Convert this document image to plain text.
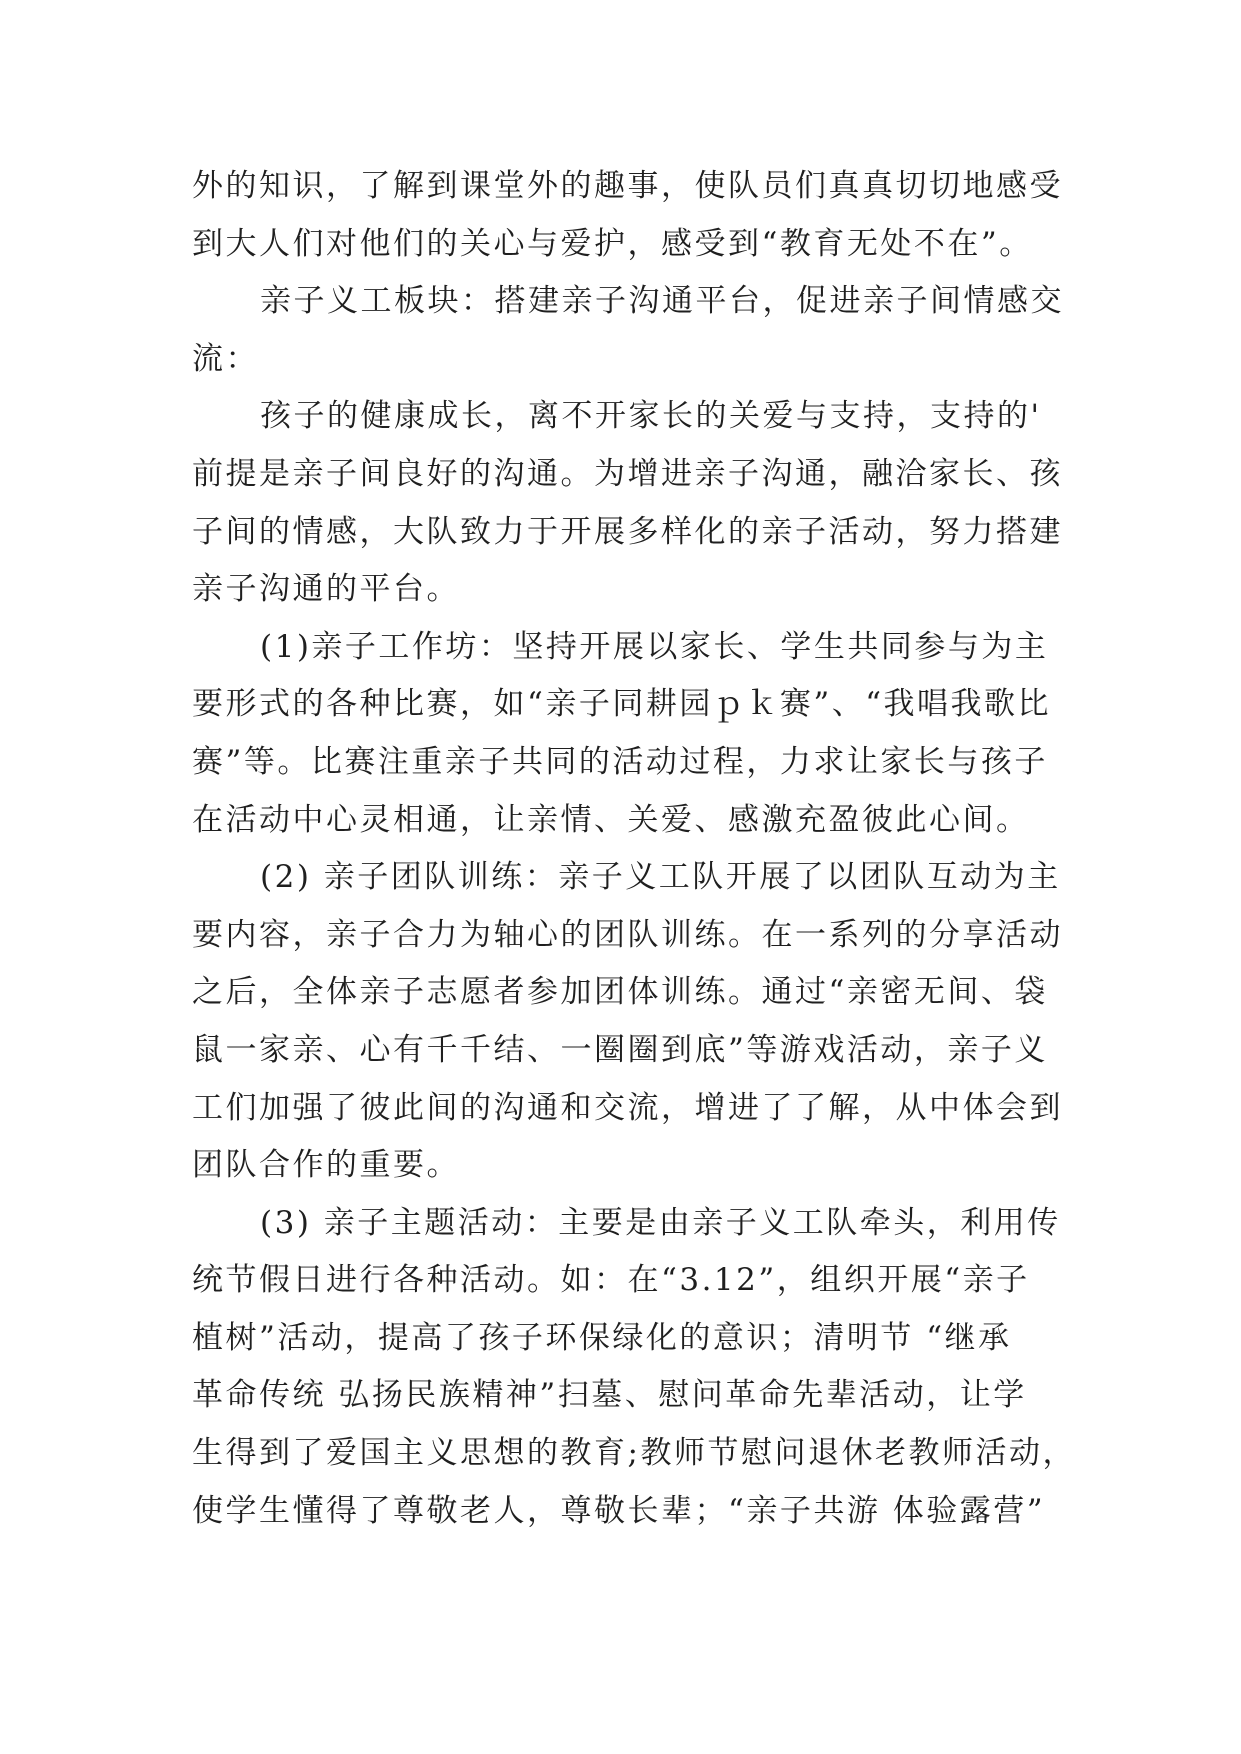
外的知识，了解到课堂外的趣事，使队员们真真切切地感受
到大人们对他们的关心与爱护，感受到“教育无处不在”。
亲子义工板块：搭建亲子沟通平台，促进亲子间情感交
流：
孩子的健康成长，离不开家长的关爱与支持，支持的'
前提是亲子间良好的沟通。为增进亲子沟通，融洽家长、孩
子间的情感，大队致力于开展多样化的亲子活动，努力搭建
亲子沟通的平台。
(1)亲子工作坊：坚持开展以家长、学生共同参与为主
要形式的各种比赛，如“亲子同耕园ｐｋ赛”、“我唱我歌比
赛”等。比赛注重亲子共同的活动过程，力求让家长与孩子
在活动中心灵相通，让亲情、关爱、感激充盈彼此心间。
(2) 亲子团队训练：亲子义工队开展了以团队互动为主
要内容，亲子合力为轴心的团队训练。在一系列的分享活动
之后，全体亲子志愿者参加团体训练。通过“亲密无间、袋
鼠一家亲、心有千千结、一圈圈到底”等游戏活动，亲子义
工们加强了彼此间的沟通和交流，增进了了解，从中体会到
团队合作的重要。
(3) 亲子主题活动：主要是由亲子义工队牵头，利用传
统节假日进行各种活动。如：在“3.12”，组织开展“亲子
植树”活动，提高了孩子环保绿化的意识；清明节 “继承
革命传统 弘扬民族精神”扫墓、慰问革命先辈活动，让学
生得到了爱国主义思想的教育;教师节慰问退休老教师活动，
使学生懂得了尊敬老人，尊敬长辈；“亲子共游 体验露营”
